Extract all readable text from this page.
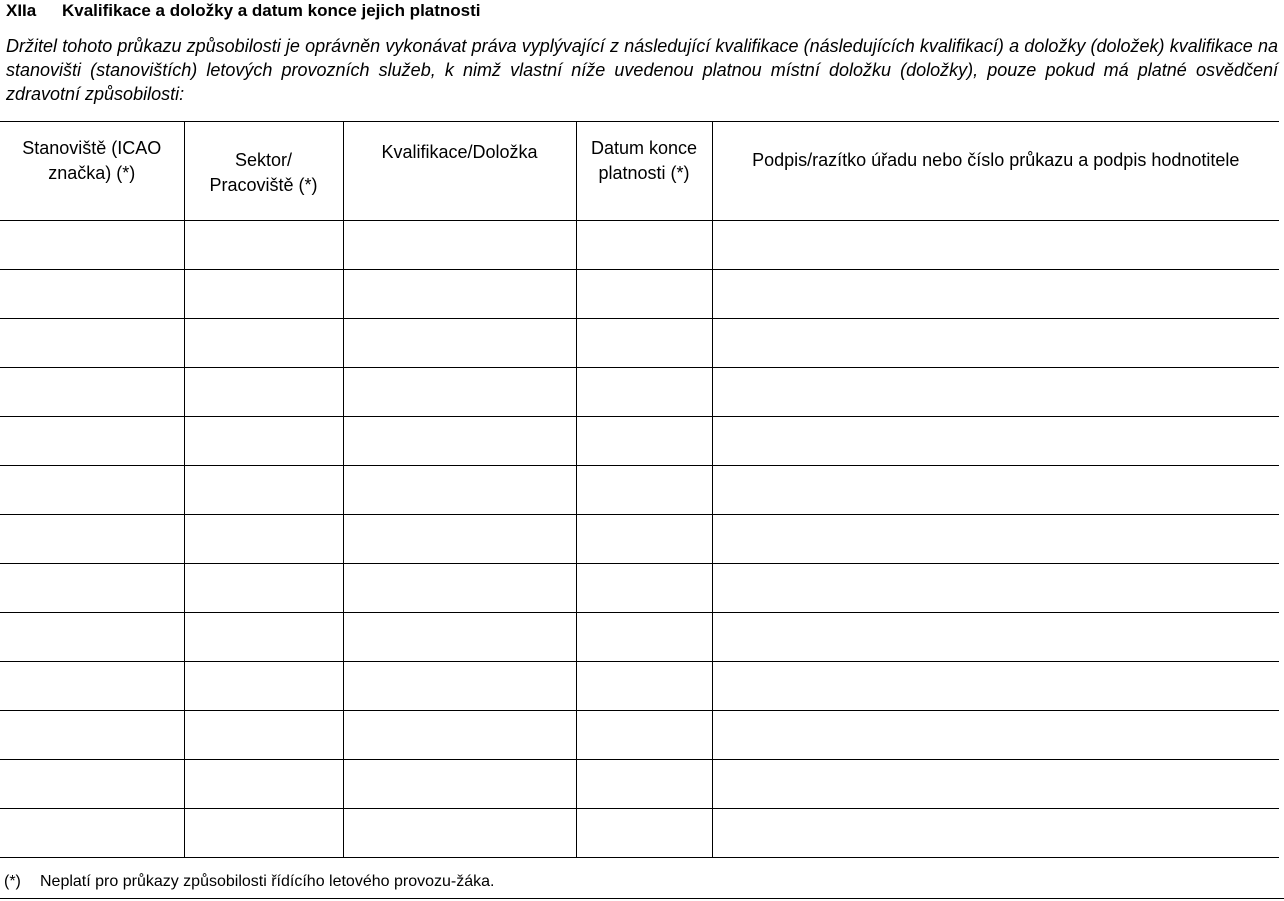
XIIa Kvalifikace a doložky a datum konce jejich platnosti
Držitel tohoto průkazu způsobilosti je oprávněn vykonávat práva vyplývající z následující kvalifikace (následujících kvalifikací) a doložky (doložek) kvalifikace na stanovišti (stanovištích) letových provozních služeb, k nimž vlastní níže uvedenou platnou místní doložku (doložky), pouze pokud má platné osvědčení zdravotní způsobilosti:
Stanoviště (ICAO značka) (*)	Sektor/ Pracoviště (*)	Kvalifikace/Doložka	Datum konce platnosti (*)	Podpis/razítko úřadu nebo číslo průkazu a podpis hodnotitele

(*) Neplatí pro průkazy způsobilosti řídícího letového provozu-žáka.
